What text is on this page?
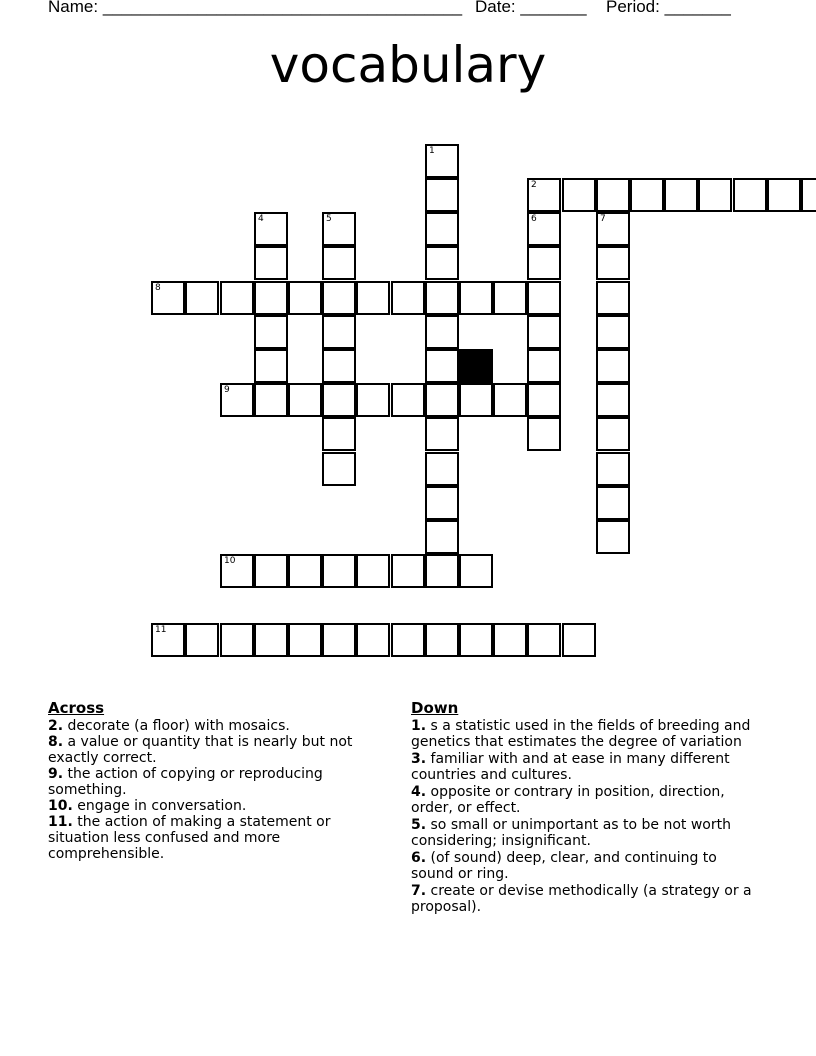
Name: ______________________________________ Date: _______ Period: _______
vocabulary
2
1
8
9
10
11
4	5	6	7
Across
2. decorate (a floor) with mosaics.
8. a value or quantity that is nearly but not exactly correct.
9. the action of copying or reproducing something.
10. engage in conversation.
11. the action of making a statement or situation less confused and more comprehensible.
Down
1. s a statistic used in the fields of breeding and genetics that estimates the degree of variation
3. familiar with and at ease in many different countries and cultures.
4. opposite or contrary in position, direction, order, or effect.
5. so small or unimportant as to be not worth considering; insignificant.
6. (of sound) deep, clear, and continuing to sound or ring.
7. create or devise methodically (a strategy or a proposal).
